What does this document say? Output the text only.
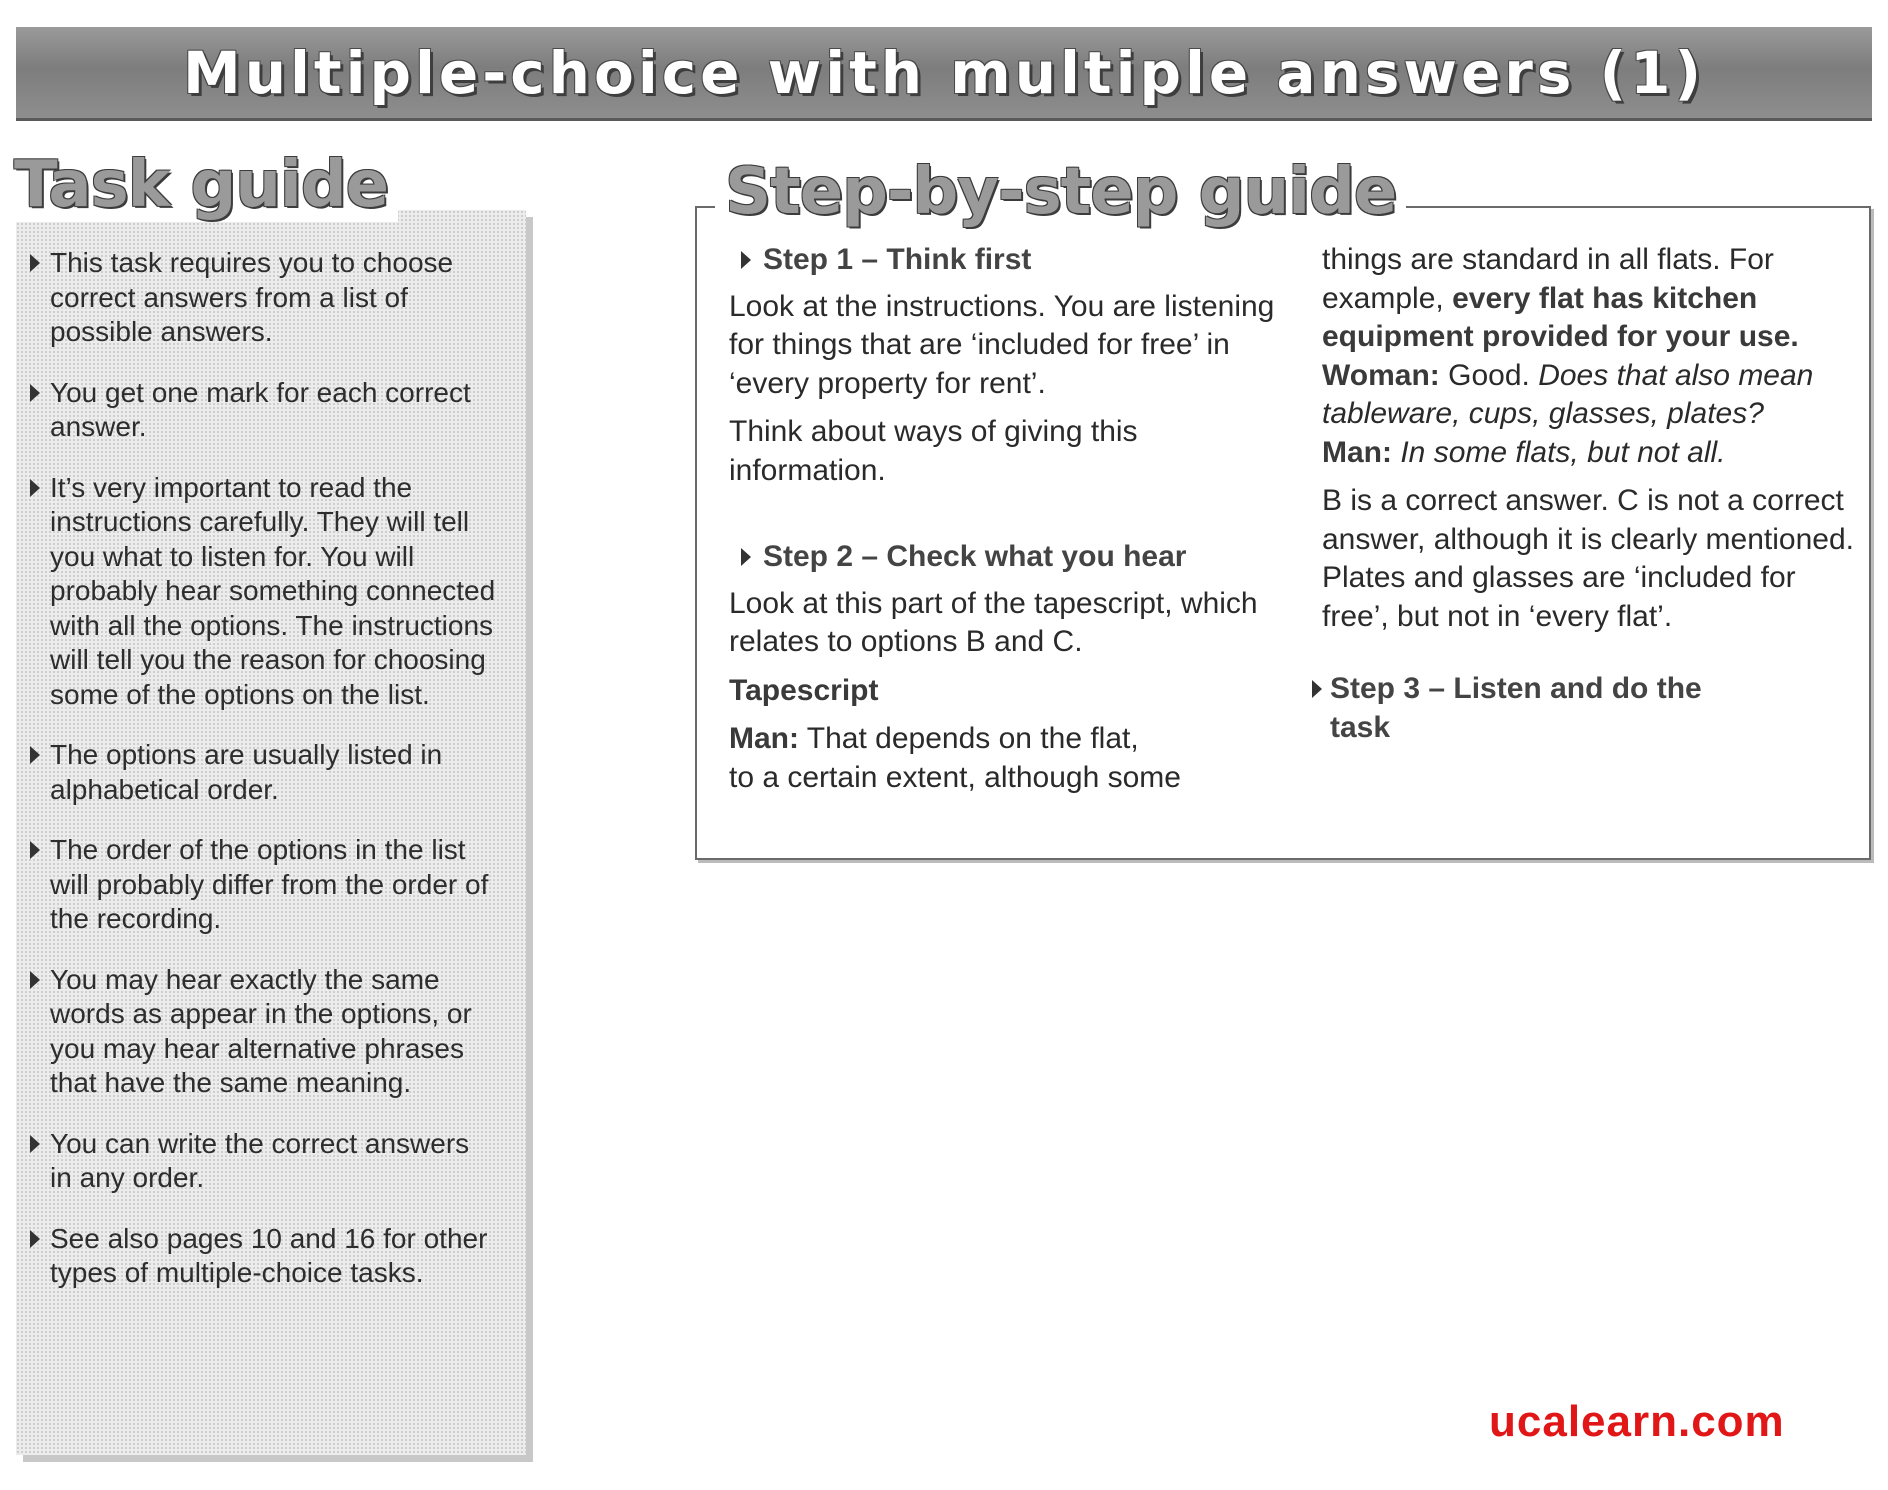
Multiple-choice with multiple answers (1)
Task guide
This task requires you to choose correct answers from a list of possible answers.
You get one mark for each correct answer.
It’s very important to read the instructions carefully. They will tell you what to listen for. You will probably hear something connected with all the options. The instructions will tell you the reason for choosing some of the options on the list.
The options are usually listed in alphabetical order.
The order of the options in the list will probably differ from the order of the recording.
You may hear exactly the same words as appear in the options, or you may hear alternative phrases that have the same meaning.
You can write the correct answers in any order.
See also pages 10 and 16 for other types of multiple-choice tasks.
Step-by-step guide
Step 1 – Think first

Look at the instructions. You are listening for things that are ‘included for free’ in ‘every property for rent’.

Think about ways of giving this information.

Step 2 – Check what you hear

Look at this part of the tapescript, which relates to options B and C.

Tapescript

Man: That depends on the flat,
to a certain extent, although some

things are standard in all flats. For example, every flat has kitchen equipment provided for your use.
Woman: Good. Does that also mean tableware, cups, glasses, plates?
Man: In some flats, but not all.

B is a correct answer. C is not a correct answer, although it is clearly mentioned. Plates and glasses are ‘included for free’, but not in ‘every flat’.

Step 3 – Listen and do the task
ucalearn.com
